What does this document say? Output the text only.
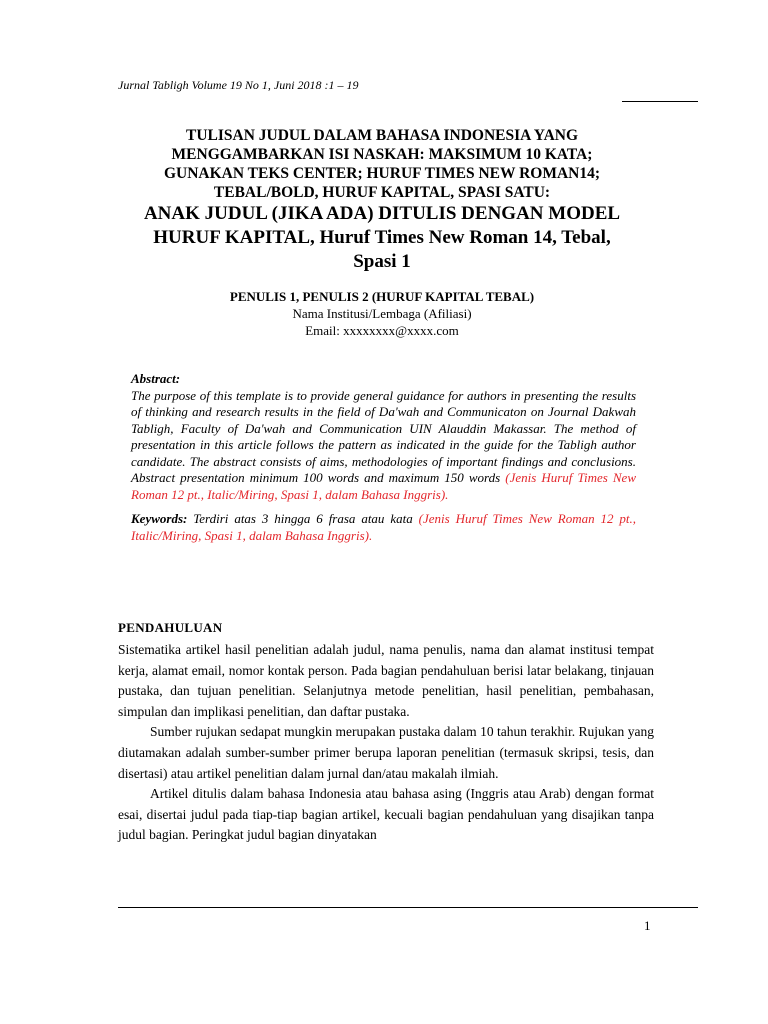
Jurnal Tabligh Volume 19 No 1, Juni 2018 :1 – 19
TULISAN JUDUL DALAM BAHASA INDONESIA YANG
MENGGAMBARKAN ISI NASKAH: MAKSIMUM 10 KATA;
GUNAKAN TEKS CENTER; HURUF TIMES NEW ROMAN14;
TEBAL/BOLD, HURUF KAPITAL, SPASI SATU:
ANAK JUDUL (JIKA ADA) DITULIS DENGAN MODEL
HURUF KAPITAL, Huruf Times New Roman 14, Tebal,
Spasi 1
PENULIS 1, PENULIS 2 (HURUF KAPITAL TEBAL)
Nama Institusi/Lembaga (Afiliasi)
Email: xxxxxxxx@xxxx.com
Abstract:
The purpose of this template is to provide general guidance for authors in presenting the results of thinking and research results in the field of Da'wah and Communicaton on Journal Dakwah Tabligh, Faculty of Da'wah and Communication UIN Alauddin Makassar. The method of presentation in this article follows the pattern as indicated in the guide for the Tabligh author candidate. The abstract consists of aims, methodologies of important findings and conclusions. Abstract presentation minimum 100 words and maximum 150 words (Jenis Huruf Times New Roman 12 pt., Italic/Miring, Spasi 1, dalam Bahasa Inggris).
Keywords: Terdiri atas 3 hingga 6 frasa atau kata (Jenis Huruf Times New Roman 12 pt., Italic/Miring, Spasi 1, dalam Bahasa Inggris).
PENDAHULUAN

Sistematika artikel hasil penelitian adalah judul, nama penulis, nama dan alamat institusi tempat kerja, alamat email, nomor kontak person. Pada bagian pendahuluan berisi latar belakang, tinjauan pustaka, dan tujuan penelitian. Selanjutnya metode penelitian, hasil penelitian, pembahasan, simpulan dan implikasi penelitian, dan daftar pustaka.

Sumber rujukan sedapat mungkin merupakan pustaka dalam 10 tahun terakhir. Rujukan yang diutamakan adalah sumber-sumber primer berupa laporan penelitian (termasuk skripsi, tesis, dan disertasi) atau artikel penelitian dalam jurnal dan/atau makalah ilmiah.

Artikel ditulis dalam bahasa Indonesia atau bahasa asing (Inggris atau Arab) dengan format esai, disertai judul pada tiap-tiap bagian artikel, kecuali bagian pendahuluan yang disajikan tanpa judul bagian. Peringkat judul bagian dinyatakan

1
